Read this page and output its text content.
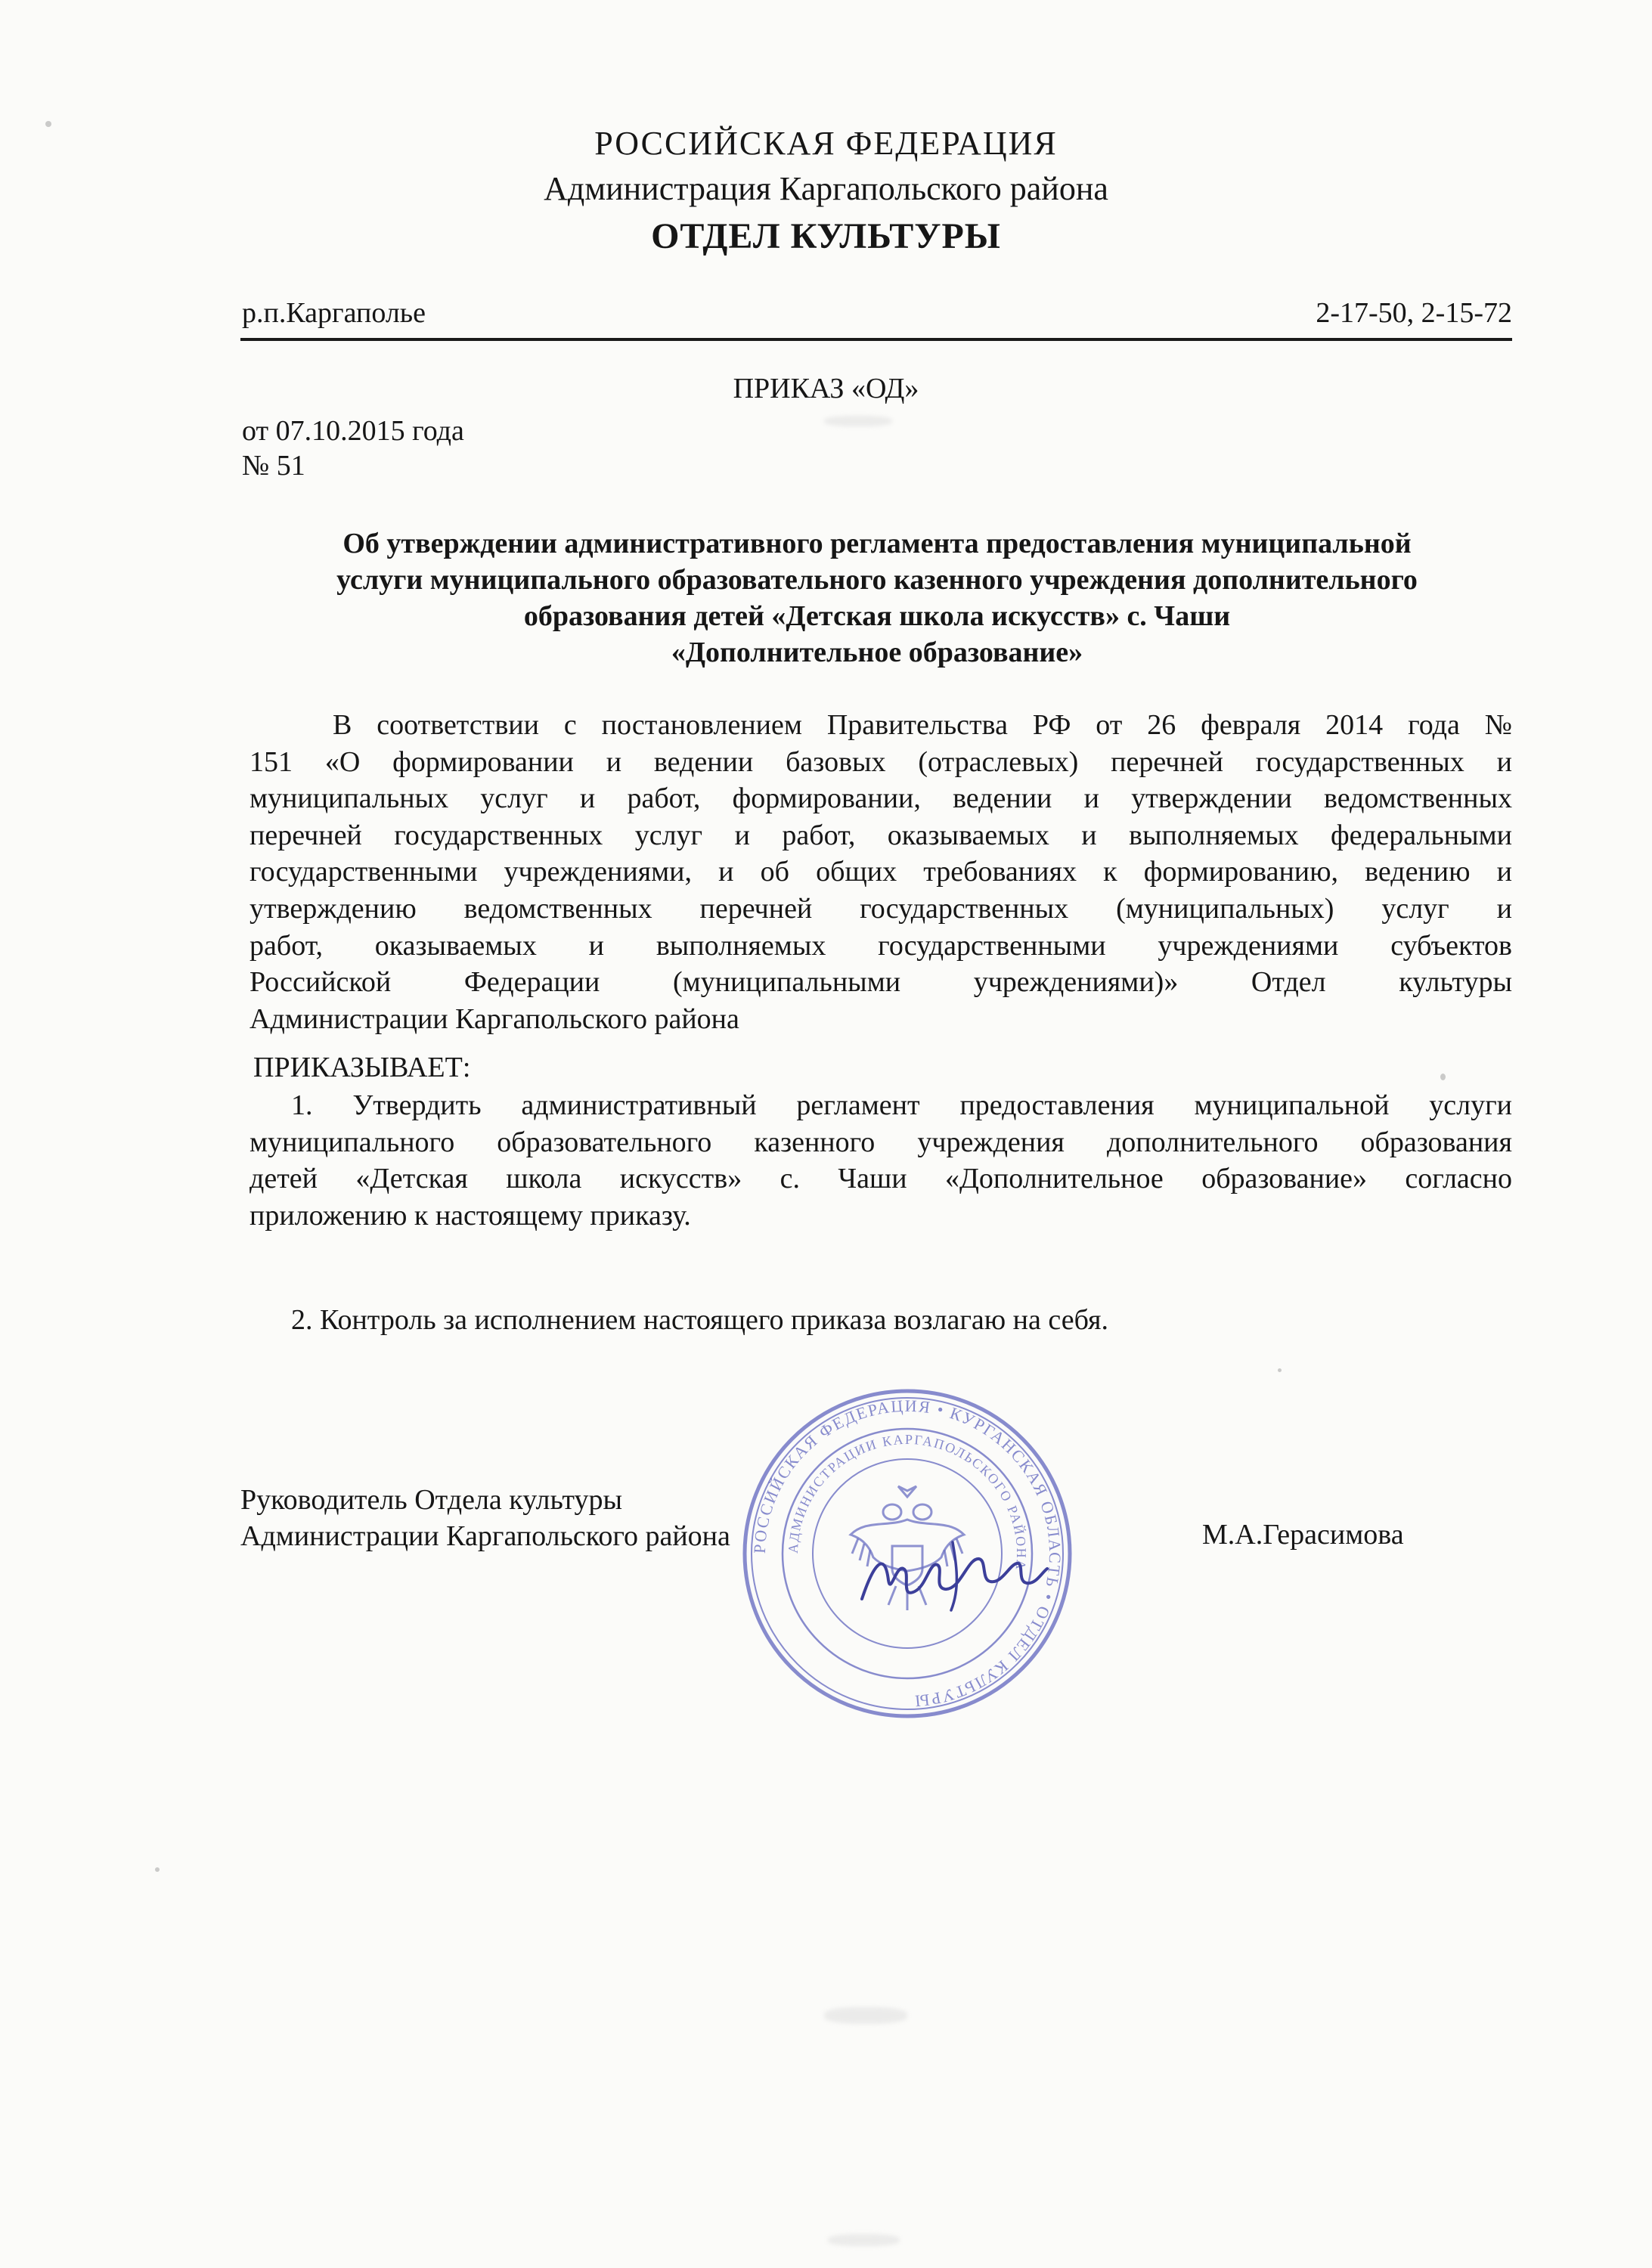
РОССИЙСКАЯ ФЕДЕРАЦИЯ
Администрация Каргапольского района
ОТДЕЛ КУЛЬТУРЫ
р.п.Каргаполье	2-17-50, 2-15-72
ПРИКАЗ «ОД»
от 07.10.2015 года
№ 51
Об утверждении административного регламента предоставления муниципальной
услуги муниципального образовательного казенного учреждения дополнительного
образования детей «Детская школа искусств» с. Чаши
«Дополнительное образование»
В соответствии с постановлением Правительства РФ от 26 февраля 2014 года №
151 «О формировании и ведении базовых (отраслевых) перечней государственных и
муниципальных услуг и работ, формировании, ведении и утверждении ведомственных
перечней государственных услуг и работ, оказываемых и выполняемых федеральными
государственными учреждениями, и об общих требованиях к формированию, ведению и
утверждению ведомственных перечней государственных (муниципальных) услуг и
работ, оказываемых и выполняемых государственными учреждениями субъектов
Российской Федерации (муниципальными учреждениями)» Отдел культуры
Администрации Каргапольского района
ПРИКАЗЫВАЕТ:
1. Утвердить административный регламент предоставления муниципальной услуги
муниципального образовательного казенного учреждения дополнительного образования
детей «Детская школа искусств» с. Чаши «Дополнительное образование» согласно
приложению к настоящему приказу.
2. Контроль за исполнением настоящего приказа возлагаю на себя.
РОССИЙСКАЯ ФЕДЕРАЦИЯ • КУРГАНСКАЯ ОБЛАСТЬ • ОТДЕЛ КУЛЬТУРЫ
АДМИНИСТРАЦИИ КАРГАПОЛЬСКОГО РАЙОНА
Руководитель Отдела культуры
Администрации Каргапольского района	М.А.Герасимова
